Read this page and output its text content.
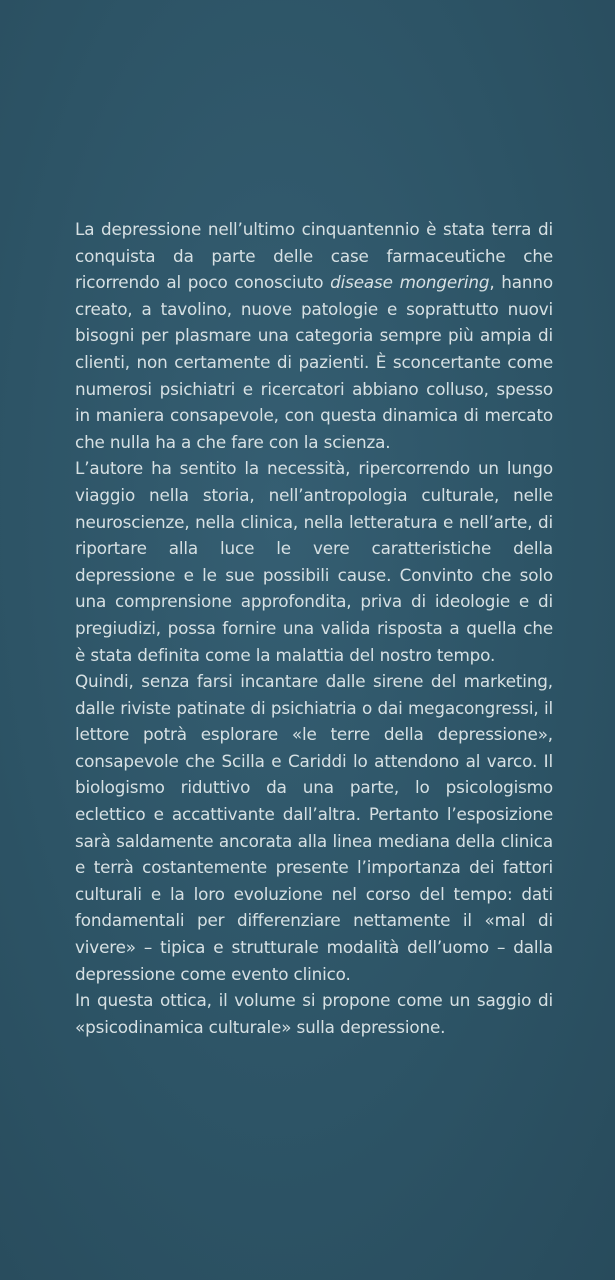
La depressione nell’ultimo cinquantennio è stata terra di conquista da parte delle case farmaceutiche che ricorrendo al poco conosciuto disease mongering, hanno creato, a tavolino, nuove patologie e soprattutto nuovi bisogni per plasmare una categoria sempre più ampia di clienti, non certamente di pazienti. È sconcertante come numerosi psichiatri e ricercatori abbiano colluso, spesso in maniera consapevole, con questa dinamica di mercato che nulla ha a che fare con la scienza.

L’autore ha sentito la necessità, ripercorrendo un lungo viaggio nella storia, nell’antropologia culturale, nelle neuroscienze, nella clinica, nella letteratura e nell’arte, di riportare alla luce le vere caratteristiche della depressione e le sue possibili cause. Convinto che solo una comprensione approfondita, priva di ideologie e di pregiudizi, possa fornire una valida risposta a quella che è stata definita come la malattia del nostro tempo.

Quindi, senza farsi incantare dalle sirene del marketing, dalle riviste patinate di psichiatria o dai megacongressi, il lettore potrà esplorare «le terre della depressione», consapevole che Scilla e Cariddi lo attendono al varco. Il biologismo riduttivo da una parte, lo psicologismo eclettico e accattivante dall’altra. Pertanto l’esposizione sarà saldamente ancorata alla linea mediana della clinica e terrà costantemente presente l’importanza dei fattori culturali e la loro evoluzione nel corso del tempo: dati fondamentali per differenziare nettamente il «mal di vivere» – tipica e strutturale modalità dell’uomo – dalla depressione come evento clinico.

In questa ottica, il volume si propone come un saggio di «psicodinamica culturale» sulla depressione.
